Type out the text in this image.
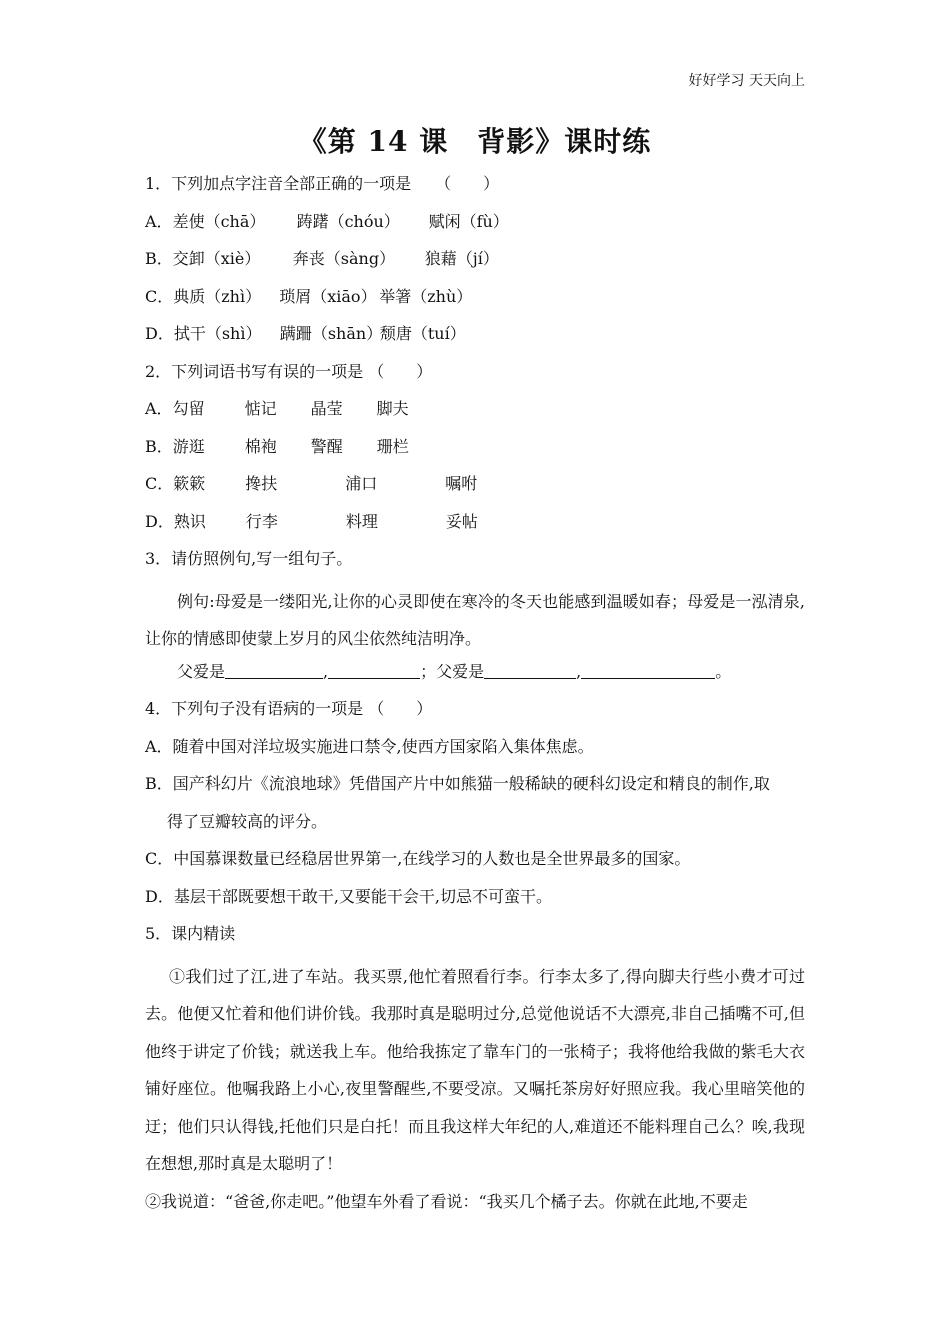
好好学习 天天向上
《第 14 课　背影》课时练
1．下列加点字注音全部正确的一项是　　（　　）
A．差使（chā） 踌躇（chóu） 赋闲（fù）
B．交卸（xiè） 奔丧（sàng） 狼藉（jí）
C．典质（zhì） 琐屑（xiāo） 举箸（zhù）
D．拭干（shì） 蹒跚（shān）颓唐（tuí）
2．下列词语书写有误的一项是 （　　）
A．勾留 惦记 晶莹 脚夫
B．游逛 棉袍 警醒 珊栏
C．簌簌 搀扶	浦口	嘱咐
D．熟识 行李	料理	妥帖
3．请仿照例句,写一组句子。
例句:母爱是一缕阳光,让你的心灵即使在寒冷的冬天也能感到温暖如春；母爱是一泓清泉,让你的情感即使蒙上岁月的风尘依然纯洁明净。
父爱是	,	；父爱是	,	。
4．下列句子没有语病的一项是 （　　）
A．随着中国对洋垃圾实施进口禁令,使西方国家陷入集体焦虑。
B．国产科幻片《流浪地球》凭借国产片中如熊猫一般稀缺的硬科幻设定和精良的制作,取
得了豆瓣较高的评分。
C．中国慕课数量已经稳居世界第一,在线学习的人数也是全世界最多的国家。
D．基层干部既要想干敢干,又要能干会干,切忌不可蛮干。
5．课内精读
①我们过了江,进了车站。我买票,他忙着照看行李。行李太多了,得向脚夫行些小费才可过去。他便又忙着和他们讲价钱。我那时真是聪明过分,总觉他说话不大漂亮,非自己插嘴不可,但他终于讲定了价钱；就送我上车。他给我拣定了靠车门的一张椅子；我将他给我做的紫毛大衣铺好座位。他嘱我路上小心,夜里警醒些,不要受凉。又嘱托茶房好好照应我。我心里暗笑他的迂；他们只认得钱,托他们只是白托！而且我这样大年纪的人,难道还不能料理自己么？唉,我现在想想,那时真是太聪明了！
②我说道：“爸爸,你走吧。”他望车外看了看说：“我买几个橘子去。你就在此地,不要走
